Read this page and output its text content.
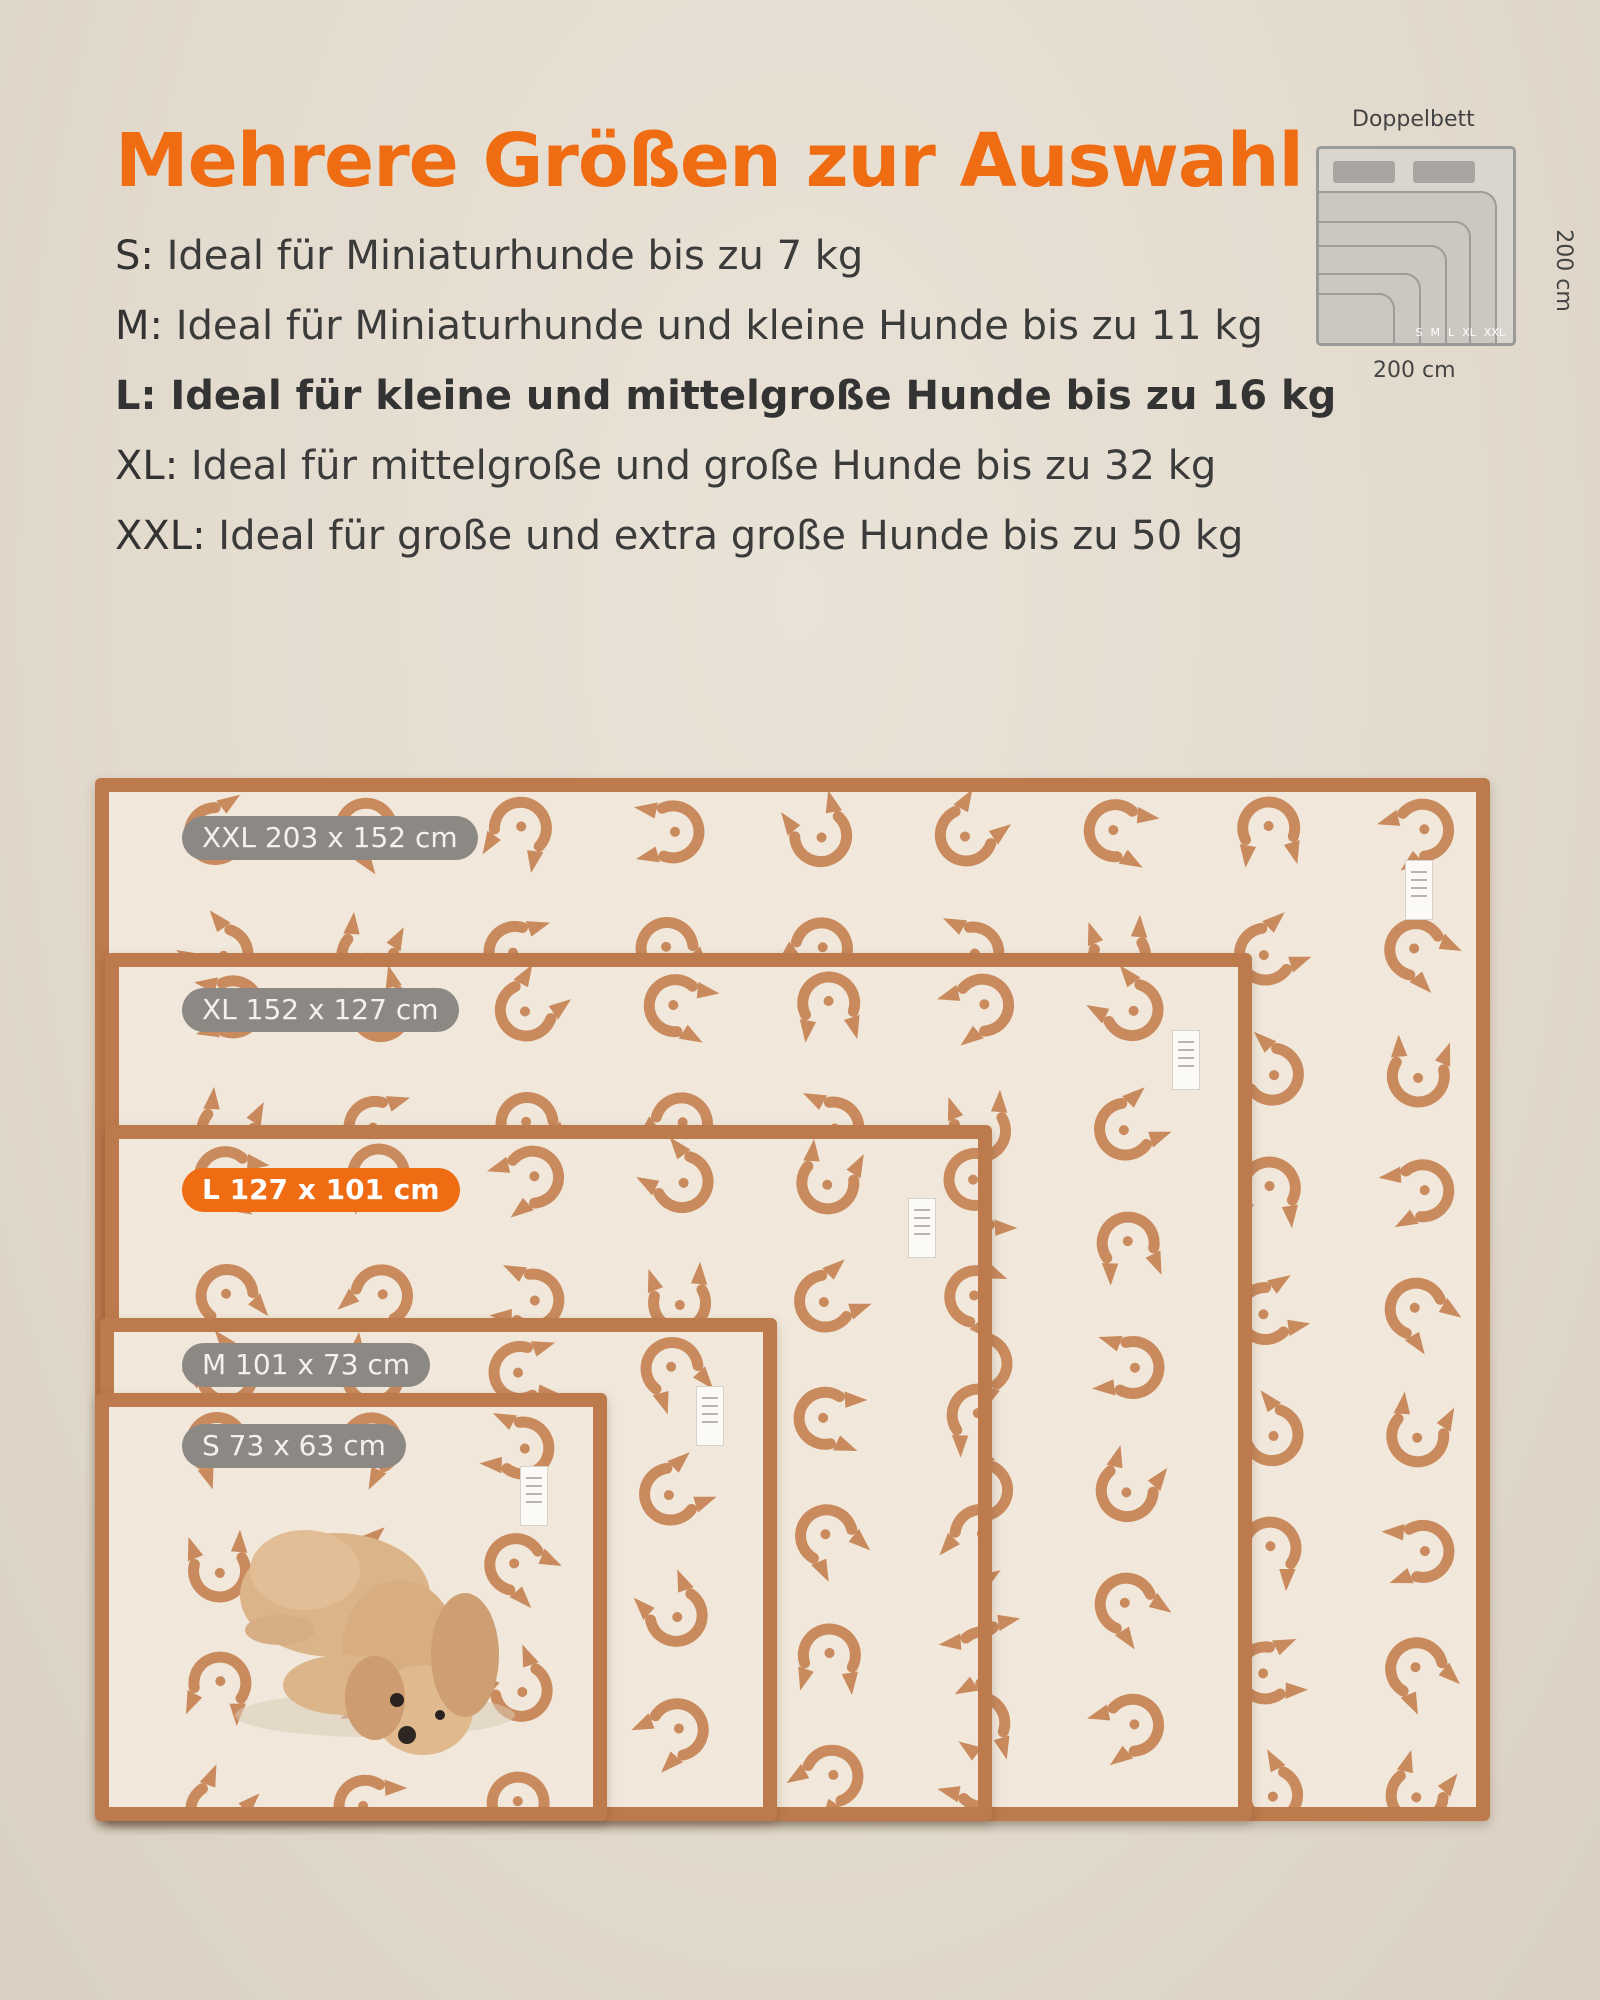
Mehrere Größen zur Auswahl
S: Ideal für Miniaturhunde bis zu 7 kg
M: Ideal für Miniaturhunde und kleine Hunde bis zu 11 kg
L: Ideal für kleine und mittelgroße Hunde bis zu 16 kg
XL: Ideal für mittelgroße und große Hunde bis zu 32 kg
XXL: Ideal für große und extra große Hunde bis zu 50 kg
Doppelbett
S M L XL XXL
200 cm
200 cm
XXL 203 x 152 cm
XL 152 x 127 cm
L 127 x 101 cm
M 101 x 73 cm
S 73 x 63 cm
